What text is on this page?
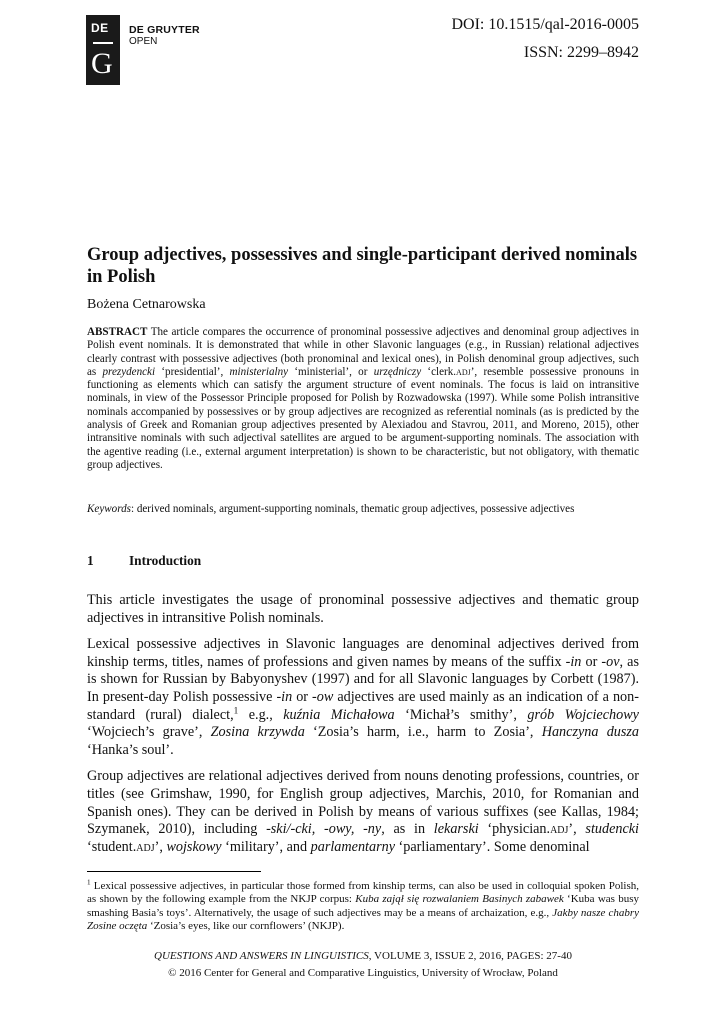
DE
G
DE GRUYTER
OPEN
DOI: 10.1515/qal-2016-0005
ISSN: 2299–8942
Group adjectives, possessives and single-participant derived nominals in Polish
Bożena Cetnarowska

ABSTRACT The article compares the occurrence of pronominal possessive adjectives and denominal group adjectives in Polish event nominals. It is demonstrated that while in other Slavonic languages (e.g., in Russian) relational adjectives clearly contrast with possessive adjectives (both pronominal and lexical ones), in Polish denominal group adjectives, such as prezydencki ‘presidential’, ministerialny ‘ministerial’, or urzędniczy ‘clerk.adj’, resemble possessive pronouns in functioning as elements which can satisfy the argument structure of event nominals. The focus is laid on intransitive nominals, in view of the Possessor Principle proposed for Polish by Rozwadowska (1997). While some Polish intransitive nominals accompanied by possessives or by group adjectives are recognized as referential nominals (as is predicted by the analysis of Greek and Romanian group adjectives presented by Alexiadou and Stavrou, 2011, and Moreno, 2015), other intransitive nominals with such adjectival satellites are argued to be argument-supporting nominals. The association with the agentive reading (i.e., external argument interpretation) is shown to be characteristic, but not obligatory, with thematic group adjectives.

Keywords: derived nominals, argument-supporting nominals, thematic group adjectives, possessive adjectives

1	Introduction

This article investigates the usage of pronominal possessive adjectives and thematic group adjectives in intransitive Polish nominals.

Lexical possessive adjectives in Slavonic languages are denominal adjectives derived from kinship terms, titles, names of professions and given names by means of the suffix -in or -ov, as is shown for Russian by Babyonyshev (1997) and for all Slavonic languages by Corbett (1987). In present-day Polish possessive -in or -ow adjectives are used mainly as an indication of a non-standard (rural) dialect,$^1$ e.g., kuźnia Michałowa ‘Michał’s smithy’, grób Wojciechowy ‘Wojciech’s grave’, Zosina krzywda ‘Zosia’s harm, i.e., harm to Zosia’, Hanczyna dusza ‘Hanka’s soul’.

Group adjectives are relational adjectives derived from nouns denoting professions, countries, or titles (see Grimshaw, 1990, for English group adjectives, Marchis, 2010, for Romanian and Spanish ones). They can be derived in Polish by means of various suffixes (see Kallas, 1984; Szymanek, 2010), including -ski/-cki, -owy, -ny, as in lekarski ‘physician.adj’, studencki ‘student.adj’, wojskowy ‘military’, and parlamentarny ‘parliamentary’. Some denominal

$^1$ Lexical possessive adjectives, in particular those formed from kinship terms, can also be used in colloquial spoken Polish, as shown by the following example from the NKJP corpus: Kuba zajął się rozwalaniem Basinych zabawek ‘Kuba was busy smashing Basia’s toys’. Alternatively, the usage of such adjectives may be a means of archaization, e.g., Jakby nasze chabry Zosine oczęta ‘Zosia’s eyes, like our cornflowers’ (NKJP).

QUESTIONS AND ANSWERS IN LINGUISTICS, VOLUME 3, ISSUE 2, 2016, PAGES: 27-40
© 2016 Center for General and Comparative Linguistics, University of Wrocław, Poland
